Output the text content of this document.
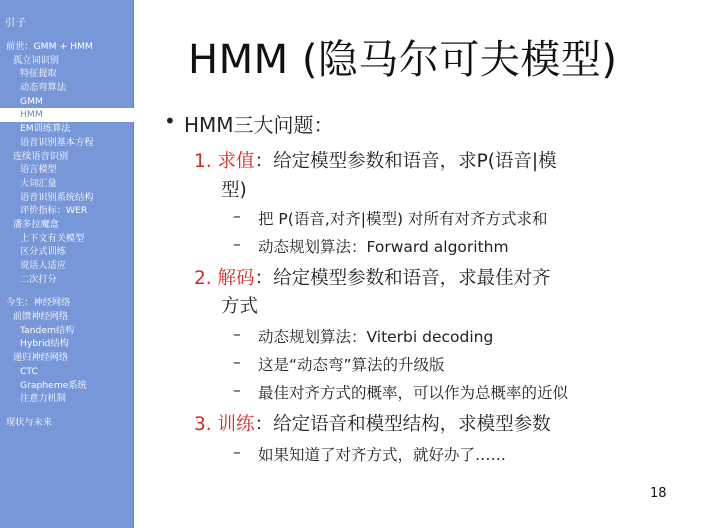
引子
前世：GMM + HMM
孤立词识别
特征提取
动态弯算法
GMM
HMM
EM训练算法
语音识别基本方程
连续语音识别
语言模型
大词汇量
语音识别系统结构
评价指标：WER
潘多拉魔盒
上下文有关模型
区分式训练
说话人适应
二次打分
今生：神经网络
前馈神经网络
Tandem结构
Hybrid结构
递归神经网络
CTC
Grapheme系统
注意力机制
现状与未来
HMM (隐马尔可夫模型)
• HMM三大问题：
1. 求值：给定模型参数和语音，求P(语音|模
型)
– 把 P(语音,对齐|模型) 对所有对齐方式求和
– 动态规划算法：Forward algorithm
2. 解码：给定模型参数和语音，求最佳对齐
方式
– 动态规划算法：Viterbi decoding
– 这是“动态弯”算法的升级版
– 最佳对齐方式的概率，可以作为总概率的近似
3. 训练：给定语音和模型结构，求模型参数
– 如果知道了对齐方式，就好办了……
18
